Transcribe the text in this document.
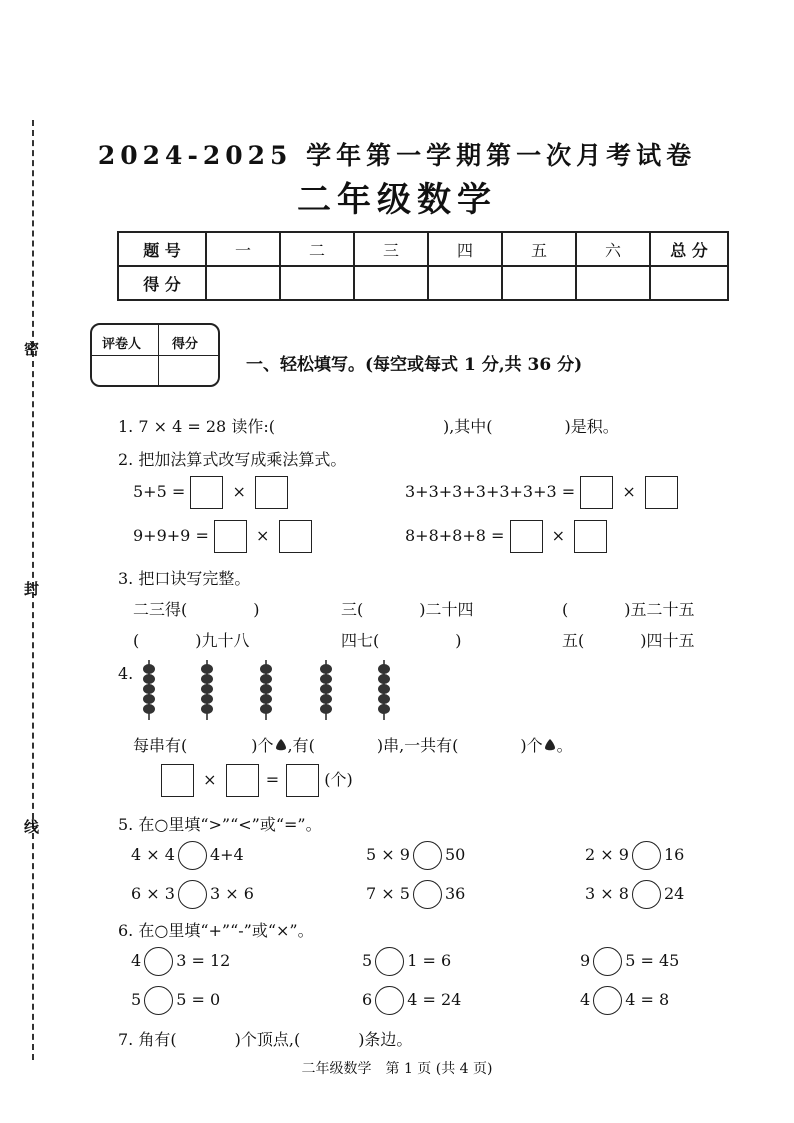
密
封
线
2024-2025 学年第一学期第一次月考试卷
二年级数学
题 号	一	二	三	四	五	六	总 分
得 分							
评卷人 得分
一、轻松填写。(每空或每式 1 分,共 36 分)
1. 7 × 4 = 28 读作:(	),其中(	)是积。
2. 把加法算式改写成乘法算式。
5+5 =	×	3+3+3+3+3+3+3 =	×
9+9+9 =	×	8+8+8+8 =	×
3. 把口诀写完整。
二三得(	)	三(	)二十四	(	)五二十五
(	)九十八	四七(	)	五(	)四十五
4.
每串有(	)个 ,有(	)串,一共有(	)个 。
×	=	(个)
5. 在○里填“>”“<”或“=”。
4 × 4 4+4	5 × 9 50	2 × 9 16
6 × 3 3 × 6	7 × 5 36	3 × 8 24
6. 在○里填“+”“-”或“×”。
4 3 = 12	5 1 = 6	9 5 = 45
5 5 = 0	6 4 = 24	4 4 = 8
7. 角有(	)个顶点,(	)条边。
二年级数学　第 1 页 (共 4 页)
